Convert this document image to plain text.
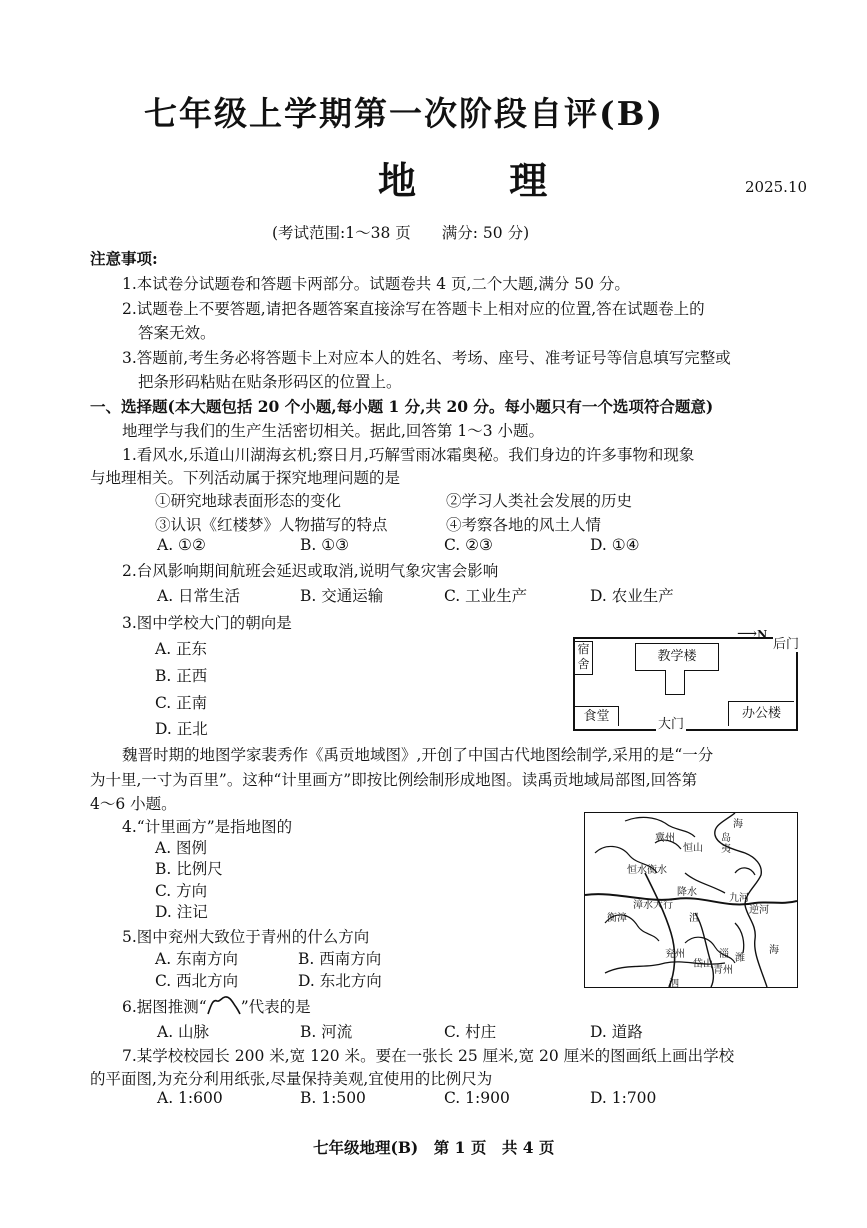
七年级上学期第一次阶段自评(B)
地 理	2025.10
(考试范围:1～38 页　　满分: 50 分)
注意事项:
1.本试卷分试题卷和答题卡两部分。试题卷共 4 页,二个大题,满分 50 分。
2.试题卷上不要答题,请把各题答案直接涂写在答题卡上相对应的位置,答在试题卷上的
答案无效。
3.答题前,考生务必将答题卡上对应本人的姓名、考场、座号、准考证号等信息填写完整或
把条形码粘贴在贴条形码区的位置上。
一、选择题(本大题包括 20 个小题,每小题 1 分,共 20 分。每小题只有一个选项符合题意)
地理学与我们的生产生活密切相关。据此,回答第 1～3 小题。
1.看风水,乐道山川湖海玄机;察日月,巧解雪雨冰霜奥秘。我们身边的许多事物和现象
与地理相关。下列活动属于探究地理问题的是
①研究地球表面形态的变化	②学习人类社会发展的历史
③认识《红楼梦》人物描写的特点	④考察各地的风土人情
A. ①②	B. ①③	C. ②③	D. ①④
2.台风影响期间航班会延迟或取消,说明气象灾害会影响
A. 日常生活	B. 交通运输	C. 工业生产	D. 农业生产
3.图中学校大门的朝向是
A. 正东
B. 正西
C. 正南
D. 正北
⟶N
后门
宿舍	教学楼
食堂
大门
办公楼
魏晋时期的地图学家裴秀作《禹贡地域图》,开创了中国古代地图绘制学,采用的是“一分
为十里,一寸为百里”。这种“计里画方”即按比例绘制形成地图。读禹贡地域局部图,回答第
4～6 小题。
4.“计里画方”是指地图的
A. 图例
B. 比例尺
C. 方向
D. 注记
5.图中兖州大致位于青州的什么方向
A. 东南方向	B. 西南方向
C. 西北方向	D. 东北方向
6.据图推测“ ”代表的是
A. 山脉	B. 河流	C. 村庄	D. 道路
海
冀州	岛
夷
恒山
恒水衡水
降水
漳水大行
衡漳
九河
逆河
沮
兖州
岱山
淄 潍
青州
海
泗
7.某学校校园长 200 米,宽 120 米。要在一张长 25 厘米,宽 20 厘米的图画纸上画出学校
的平面图,为充分利用纸张,尽量保持美观,宜使用的比例尺为
A. 1:600	B. 1:500	C. 1:900	D. 1:700
七年级地理(B)　第 1 页　共 4 页
